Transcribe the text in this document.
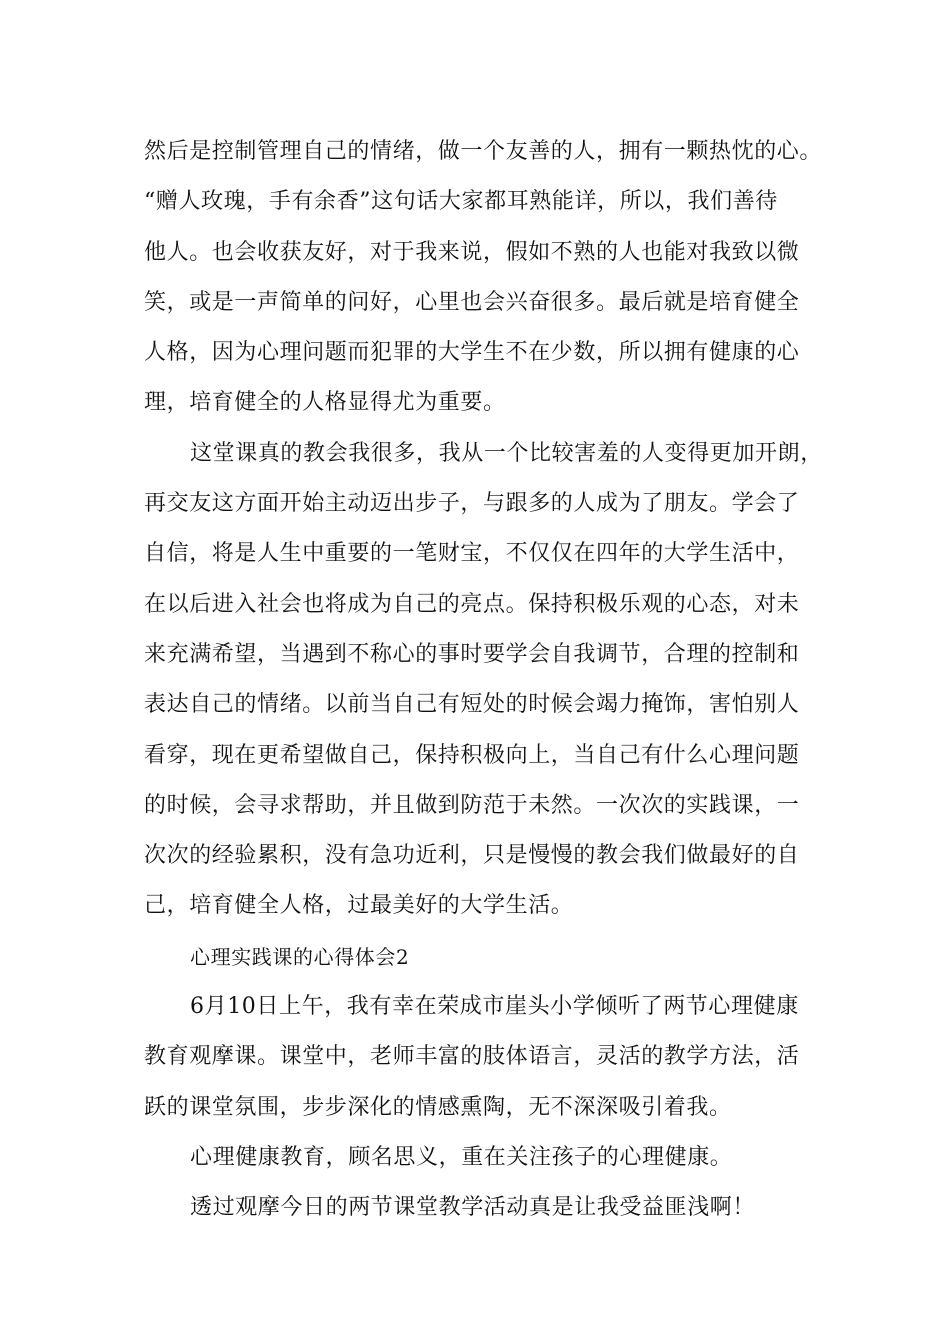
然后是控制管理自己的情绪，做一个友善的人，拥有一颗热忱的心。
“赠人玫瑰，手有余香”这句话大家都耳熟能详，所以，我们善待
他人。也会收获友好，对于我来说，假如不熟的人也能对我致以微
笑，或是一声简单的问好，心里也会兴奋很多。最后就是培育健全
人格，因为心理问题而犯罪的大学生不在少数，所以拥有健康的心
理，培育健全的人格显得尤为重要。
这堂课真的教会我很多，我从一个比较害羞的人变得更加开朗，
再交友这方面开始主动迈出步子，与跟多的人成为了朋友。学会了
自信，将是人生中重要的一笔财宝，不仅仅在四年的大学生活中，
在以后进入社会也将成为自己的亮点。保持积极乐观的心态，对未
来充满希望，当遇到不称心的事时要学会自我调节，合理的控制和
表达自己的情绪。以前当自己有短处的时候会竭力掩饰，害怕别人
看穿，现在更希望做自己，保持积极向上，当自己有什么心理问题
的时候，会寻求帮助，并且做到防范于未然。一次次的实践课，一
次次的经验累积，没有急功近利，只是慢慢的教会我们做最好的自
己，培育健全人格，过最美好的大学生活。
心理实践课的心得体会2
6月10日上午，我有幸在荣成市崖头小学倾听了两节心理健康
教育观摩课。课堂中，老师丰富的肢体语言，灵活的教学方法，活
跃的课堂氛围，步步深化的情感熏陶，无不深深吸引着我。
心理健康教育，顾名思义，重在关注孩子的心理健康。
透过观摩今日的两节课堂教学活动真是让我受益匪浅啊！
